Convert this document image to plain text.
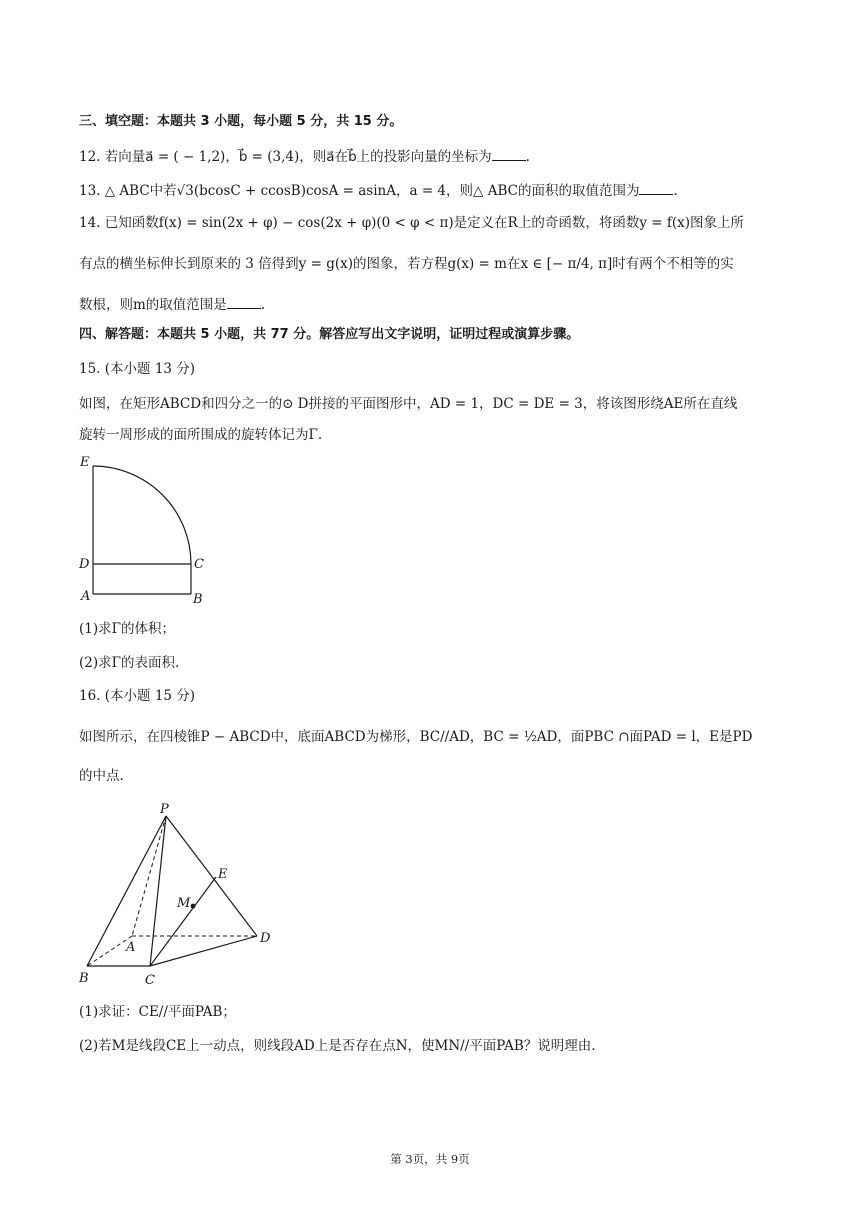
三、填空题：本题共 3 小题，每小题 5 分，共 15 分。
12. 若向量a⃗ = ( − 1,2)，b⃗ = (3,4)，则a⃗在b⃗上的投影向量的坐标为	.
13. △ ABC中若√3(bcosC + ccosB)cosA = asinA，a = 4，则△ ABC的面积的取值范围为	.
14. 已知函数f(x) = sin(2x + φ) − cos(2x + φ)(0 < φ < π)是定义在R上的奇函数，将函数y = f(x)图象上所
有点的横坐标伸长到原来的 3 倍得到y = g(x)的图象，若方程g(x) = m在x ∈ [− π/4, π]时有两个不相等的实
数根，则m的取值范围是	.
四、解答题：本题共 5 小题，共 77 分。解答应写出文字说明，证明过程或演算步骤。
15. (本小题 13 分)
如图，在矩形ABCD和四分之一的⊙ D拼接的平面图形中，AD = 1，DC = DE = 3，将该图形绕AE所在直线
旋转一周形成的面所围成的旋转体记为Γ.
E
D	C
A	B
(1)求Γ的体积；
(2)求Γ的表面积.
16. (本小题 15 分)
如图所示，在四棱锥P − ABCD中，底面ABCD为梯形，BC//AD，BC = ½AD，面PBC ∩面PAD = l，E是PD
的中点.
P
E
M
A
D
B	C
(1)求证：CE//平面PAB；
(2)若M是线段CE上一动点，则线段AD上是否存在点N，使MN//平面PAB？说明理由.
第 3页，共 9页
